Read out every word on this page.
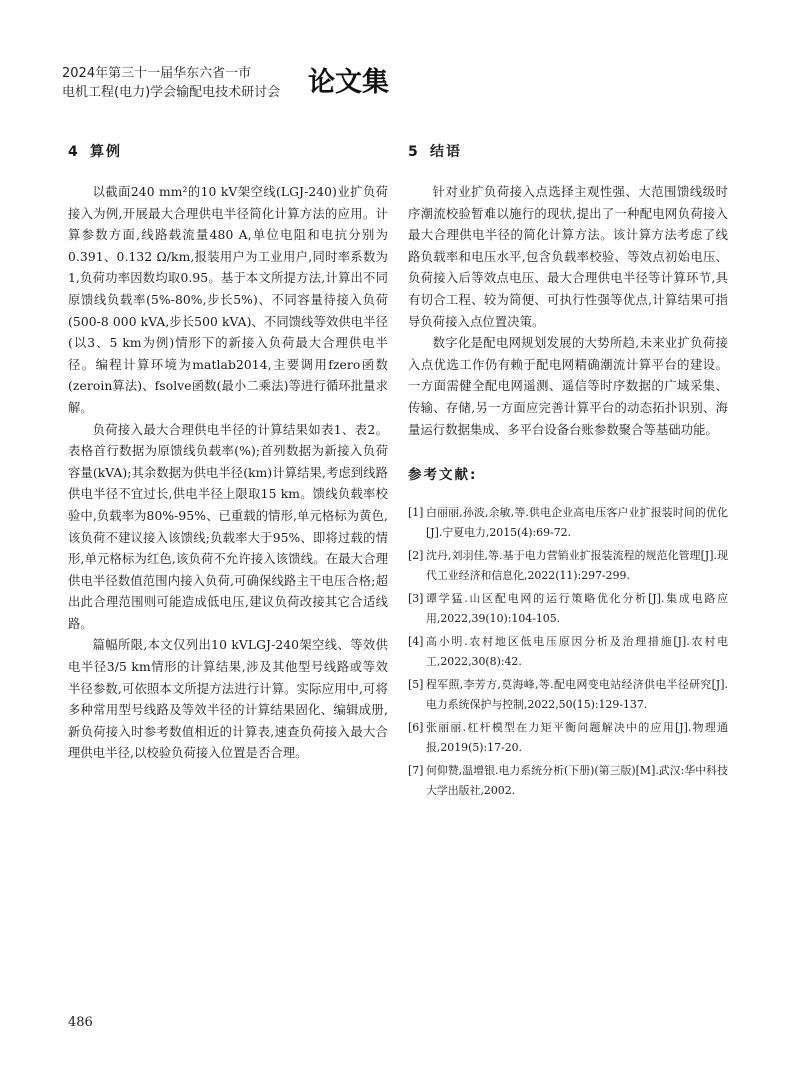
2024年第三十一届华东六省一市
电机工程(电力)学会输配电技术研讨会	论文集
4 算例

以截面240 mm²的10 kV架空线(LGJ-240)业扩负荷接入为例,开展最大合理供电半径简化计算方法的应用。计算参数方面,线路载流量480 A,单位电阻和电抗分别为0.391、0.132 Ω/km,报装用户为工业用户,同时率系数为1,负荷功率因数均取0.95。基于本文所提方法,计算出不同原馈线负载率(5%-80%,步长5%)、不同容量待接入负荷(500-8 000 kVA,步长500 kVA)、不同馈线等效供电半径(以3、5 km为例)情形下的新接入负荷最大合理供电半径。编程计算环境为matlab2014,主要调用fzero函数(zeroin算法)、fsolve函数(最小二乘法)等进行循环批量求解。

负荷接入最大合理供电半径的计算结果如表1、表2。表格首行数据为原馈线负载率(%);首列数据为新接入负荷容量(kVA);其余数据为供电半径(km)计算结果,考虑到线路供电半径不宜过长,供电半径上限取15 km。馈线负载率校验中,负载率为80%-95%、已重载的情形,单元格标为黄色,该负荷不建议接入该馈线;负载率大于95%、即将过载的情形,单元格标为红色,该负荷不允许接入该馈线。在最大合理供电半径数值范围内接入负荷,可确保线路主干电压合格;超出此合理范围则可能造成低电压,建议负荷改接其它合适线路。

篇幅所限,本文仅列出10 kVLGJ-240架空线、等效供电半径3/5 km情形的计算结果,涉及其他型号线路或等效半径参数,可依照本文所提方法进行计算。实际应用中,可将多种常用型号线路及等效半径的计算结果固化、编辑成册,新负荷接入时参考数值相近的计算表,速查负荷接入最大合理供电半径,以校验负荷接入位置是否合理。

5 结语

针对业扩负荷接入点选择主观性强、大范围馈线级时序潮流校验暂难以施行的现状,提出了一种配电网负荷接入最大合理供电半径的简化计算方法。该计算方法考虑了线路负载率和电压水平,包含负载率校验、等效点初始电压、负荷接入后等效点电压、最大合理供电半径等计算环节,具有切合工程、较为简便、可执行性强等优点,计算结果可指导负荷接入点位置决策。

数字化是配电网规划发展的大势所趋,未来业扩负荷接入点优选工作仍有赖于配电网精确潮流计算平台的建设。一方面需健全配电网遥测、遥信等时序数据的广域采集、传输、存储,另一方面应完善计算平台的动态拓扑识别、海量运行数据集成、多平台设备台账参数聚合等基础功能。

参考文献:
[1] 白丽丽,孙波,余敏,等.供电企业高电压客户业扩报装时间的优化[J].宁夏电力,2015(4):69-72.
[2] 沈丹,刘羽佳,等.基于电力营销业扩报装流程的规范化管理[J].现代工业经济和信息化,2022(11):297-299.
[3] 谭学猛.山区配电网的运行策略优化分析[J].集成电路应用,2022,39(10):104-105.
[4] 高小明.农村地区低电压原因分析及治理措施[J].农村电工,2022,30(8):42.
[5] 程军照,李芳方,莫海峰,等.配电网变电站经济供电半径研究[J].电力系统保护与控制,2022,50(15):129-137.
[6] 张丽丽.杠杆模型在力矩平衡问题解决中的应用[J].物理通报,2019(5):17-20.
[7] 何仰赞,温增银.电力系统分析(下册)(第三版)[M].武汉:华中科技大学出版社,2002.
486
